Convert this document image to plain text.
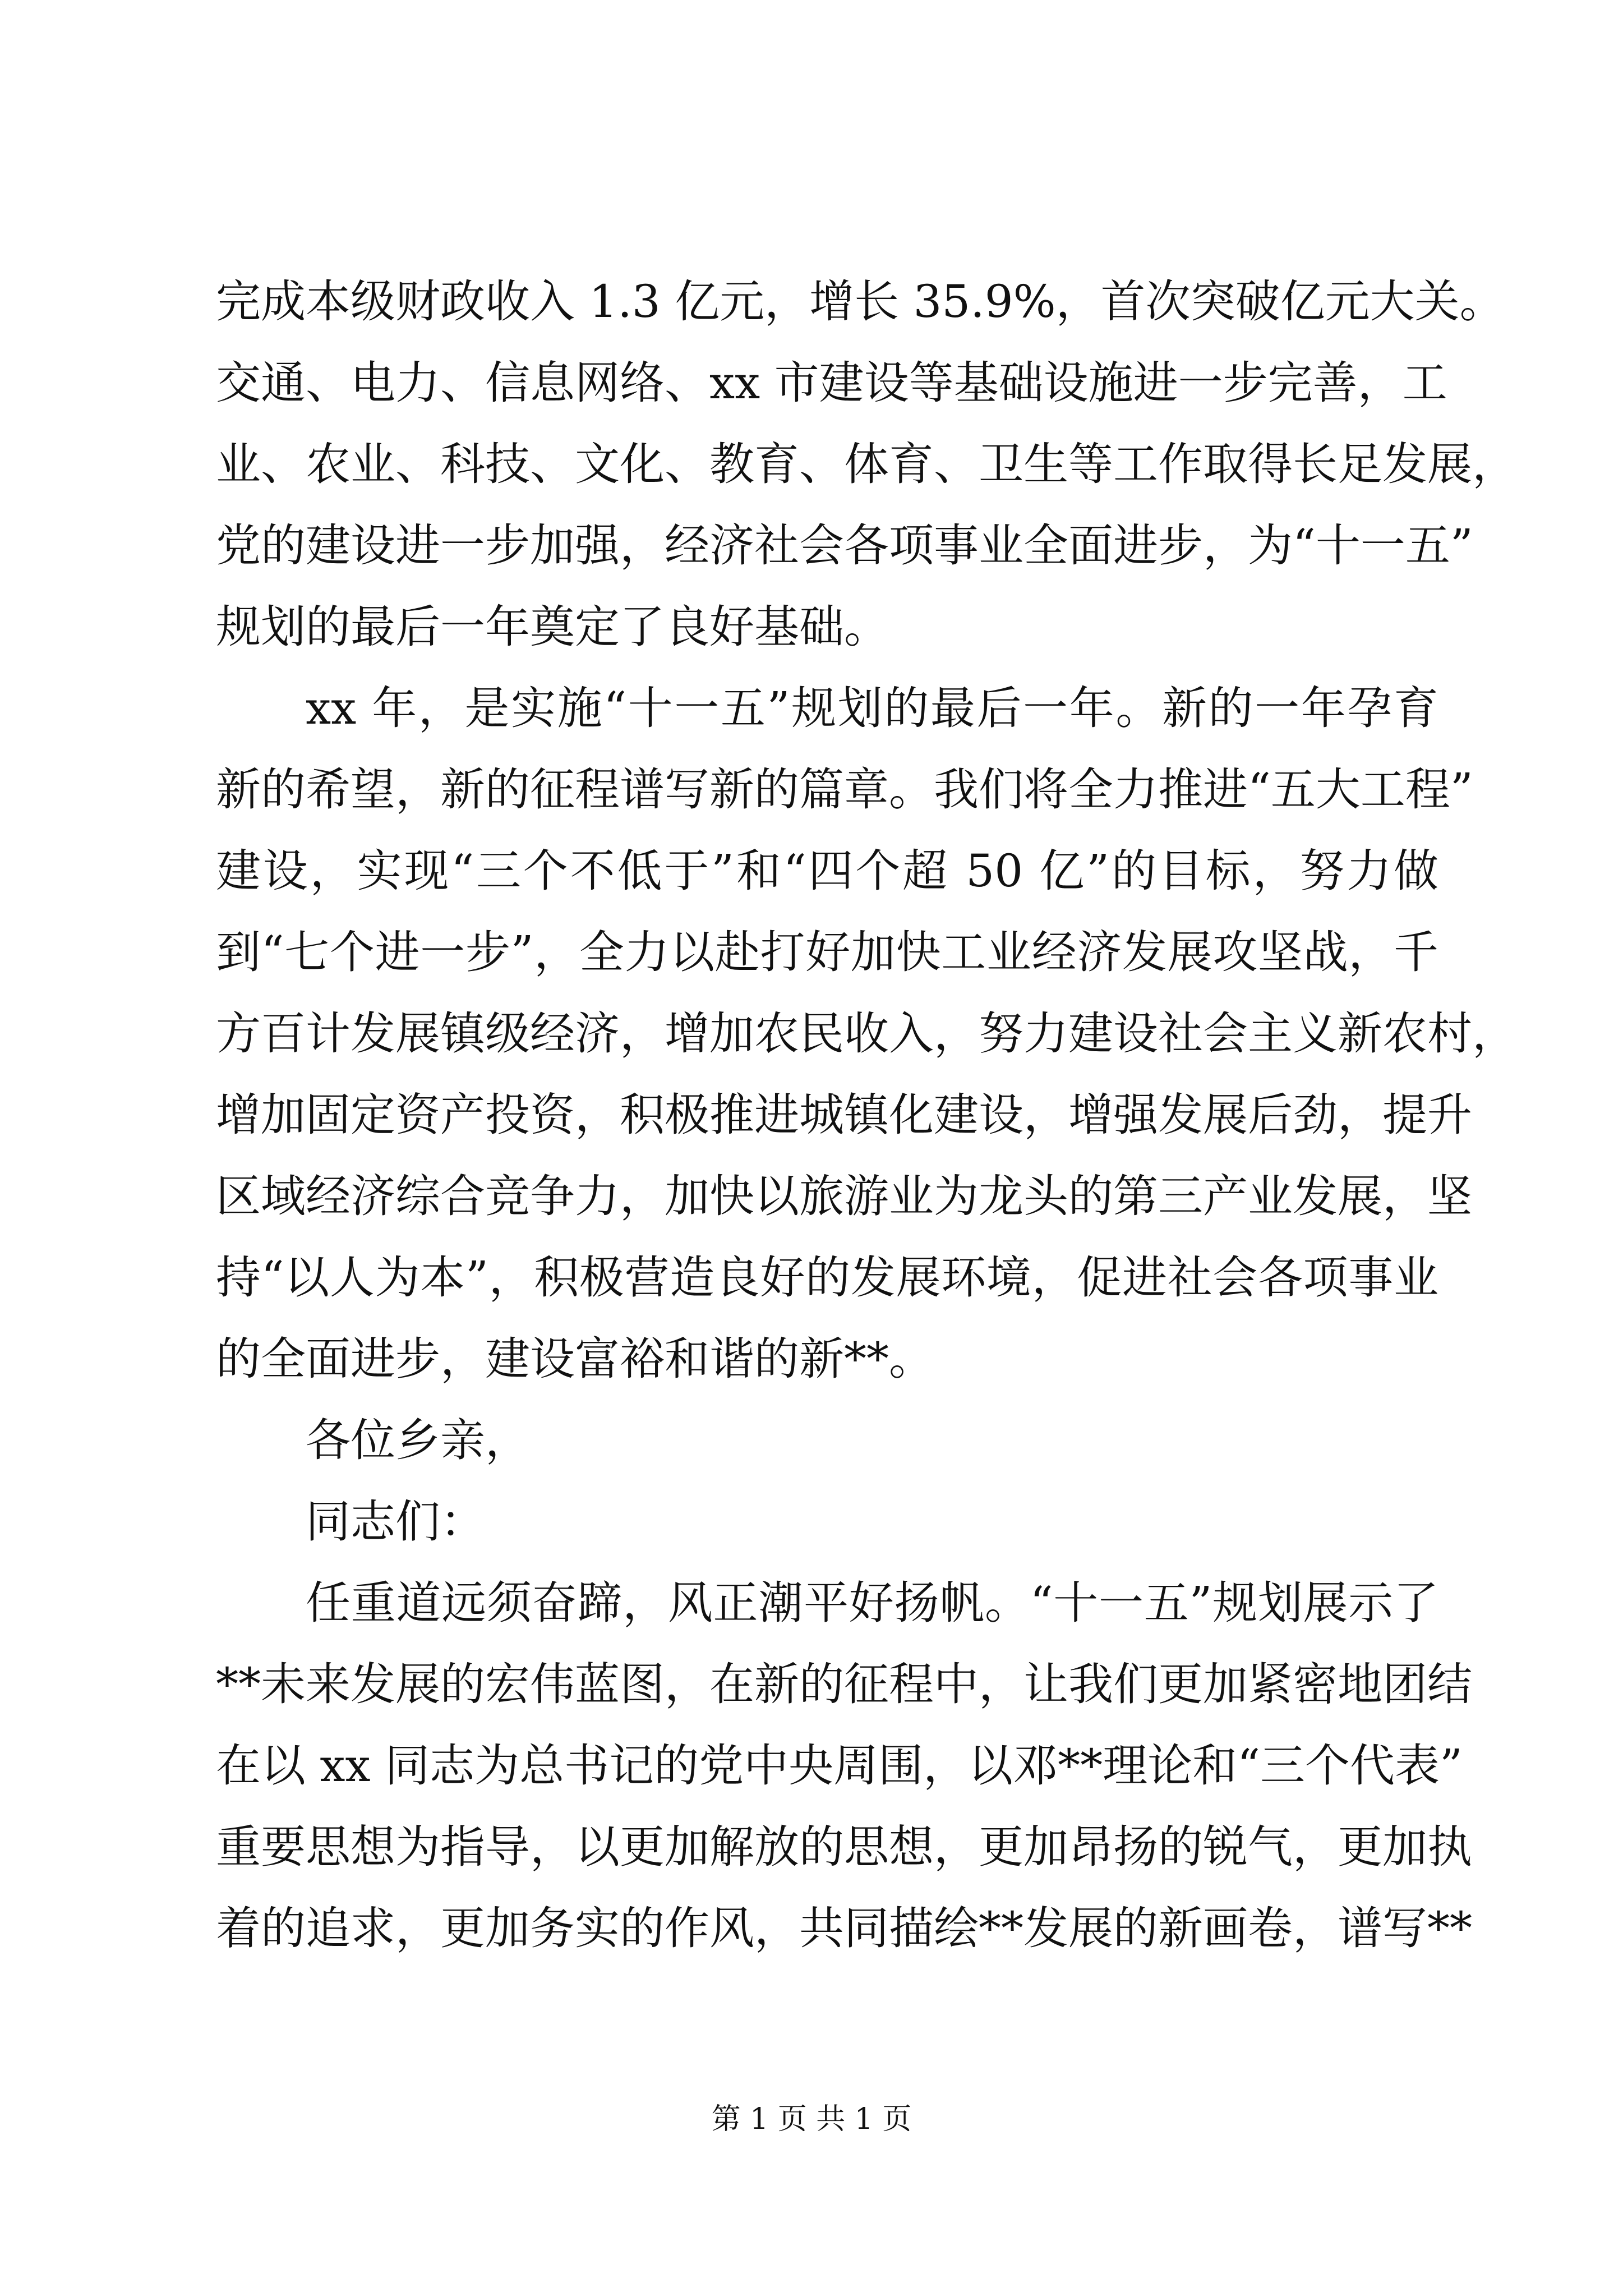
完成本级财政收入 1.3 亿元，增长 35.9%，首次突破亿元大关。
交通、电力、信息网络、xx 市建设等基础设施进一步完善，工
业、农业、科技、文化、教育、体育、卫生等工作取得长足发展，
党的建设进一步加强，经济社会各项事业全面进步，为“十一五”
规划的最后一年奠定了良好基础。
xx 年，是实施“十一五”规划的最后一年。新的一年孕育
新的希望，新的征程谱写新的篇章。我们将全力推进“五大工程”
建设，实现“三个不低于”和“四个超 50 亿”的目标，努力做
到“七个进一步”，全力以赴打好加快工业经济发展攻坚战，千
方百计发展镇级经济，增加农民收入，努力建设社会主义新农村，
增加固定资产投资，积极推进城镇化建设，增强发展后劲，提升
区域经济综合竞争力，加快以旅游业为龙头的第三产业发展，坚
持“以人为本”，积极营造良好的发展环境，促进社会各项事业
的全面进步，建设富裕和谐的新**。
各位乡亲，
同志们：
任重道远须奋蹄，风正潮平好扬帆。“十一五”规划展示了
**未来发展的宏伟蓝图，在新的征程中，让我们更加紧密地团结
在以 xx 同志为总书记的党中央周围，以邓**理论和“三个代表”
重要思想为指导，以更加解放的思想，更加昂扬的锐气，更加执
着的追求，更加务实的作风，共同描绘**发展的新画卷，谱写**
第 1 页 共 1 页
